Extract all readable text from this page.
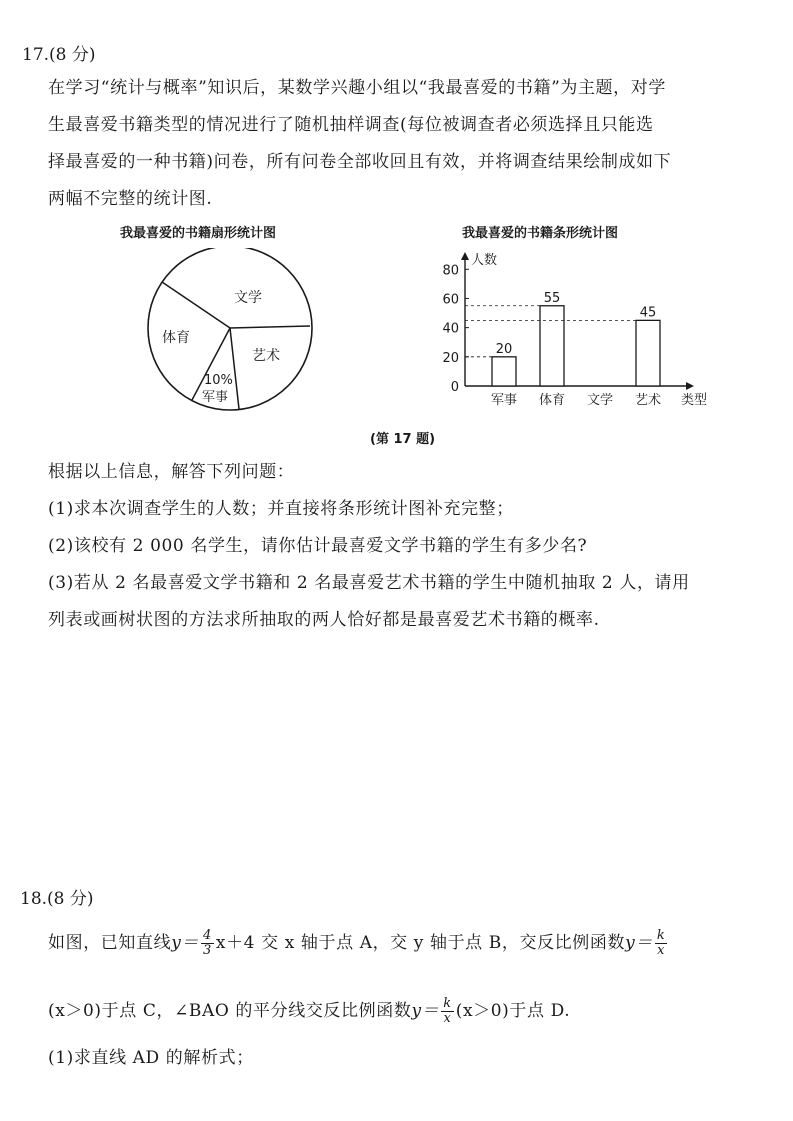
17.(8 分)
在学习“统计与概率”知识后，某数学兴趣小组以“我最喜爱的书籍”为主题，对学
生最喜爱书籍类型的情况进行了随机抽样调查(每位被调查者必须选择且只能选
择最喜爱的一种书籍)问卷，所有问卷全部收回且有效，并将调查结果绘制成如下
两幅不完整的统计图.
我最喜爱的书籍扇形统计图
文学
体育
艺术
10%
军事
我最喜爱的书籍条形统计图
人数
0
20
40
60
80
军事
20
体育
55
文学 艺术
45
类型
(第 17 题)
根据以上信息，解答下列问题：
(1)求本次调查学生的人数；并直接将条形统计图补充完整；
(2)该校有 2 000 名学生，请你估计最喜爱文学书籍的学生有多少名?
(3)若从 2 名最喜爱文学书籍和 2 名最喜爱艺术书籍的学生中随机抽取 2 人，请用
列表或画树状图的方法求所抽取的两人恰好都是最喜爱艺术书籍的概率.
18.(8 分)
如图，已知直线$y= \frac{4}{3} x+4$ 交 x 轴于点 A，交 y 轴于点 B，交反比例函数$y= \frac{k}{x}$
(x＞0)于点 C，∠BAO 的平分线交反比例函数$y= \frac{k}{x} (x>0)$于点 D.
(1)求直线 AD 的解析式；
